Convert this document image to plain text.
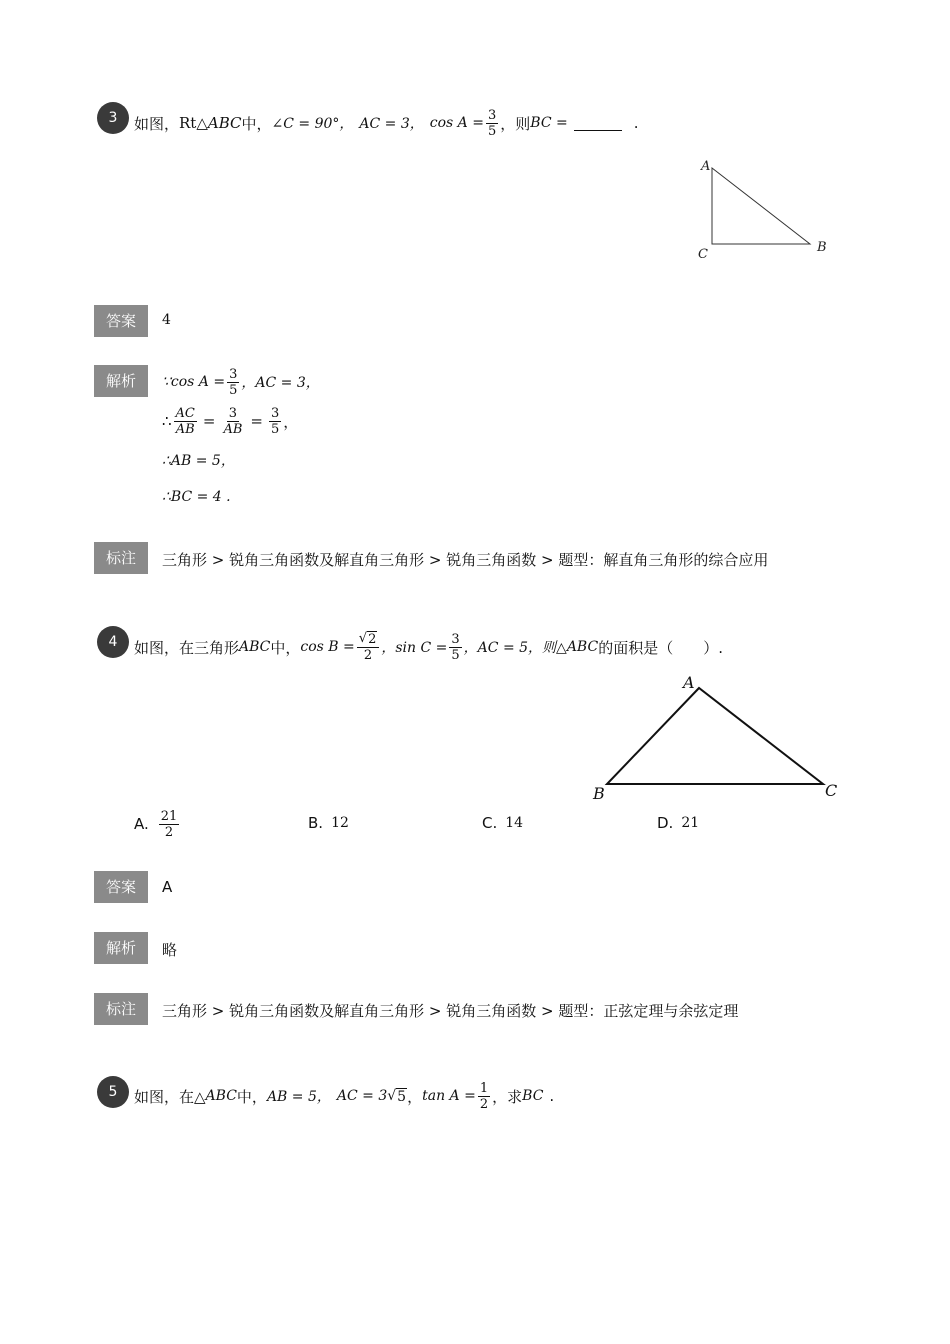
3	如图， Rt△ ABC 中， ∠C = 90°， AC = 3， $\cos A = \frac{3}{5}$ ，则 BC =	.
A
C	B
答案	4
解析	∵cos $A = \frac{3}{5}$ ，AC = 3，
∴ $\frac{AC}{AB} = \frac{3}{AB} = \frac{3}{5}$ ，
∴AB = 5，
∴BC = 4 .
标注	三角形 > 锐角三角函数及解直角三角形 > 锐角三角函数 > 题型：解直角三角形的综合应用
4	如图，在三角形 ABC 中， $\cos B = \frac{√ 2}{2}$ ，$\sin C = \frac{3}{5}$ ，AC = 5，则△ ABC 的面积是（　　）.
A
B	C
A. $\frac{21}{2}$	B. 12	C. 14	D. 21
答案	A
解析	略
标注	三角形 > 锐角三角函数及解直角三角形 > 锐角三角函数 > 题型：正弦定理与余弦定理
5	如图，在△ ABC 中， AB = 5， AC = 3 √ 5 ， $\tan A = \frac{1}{2}$ ，求 BC .
